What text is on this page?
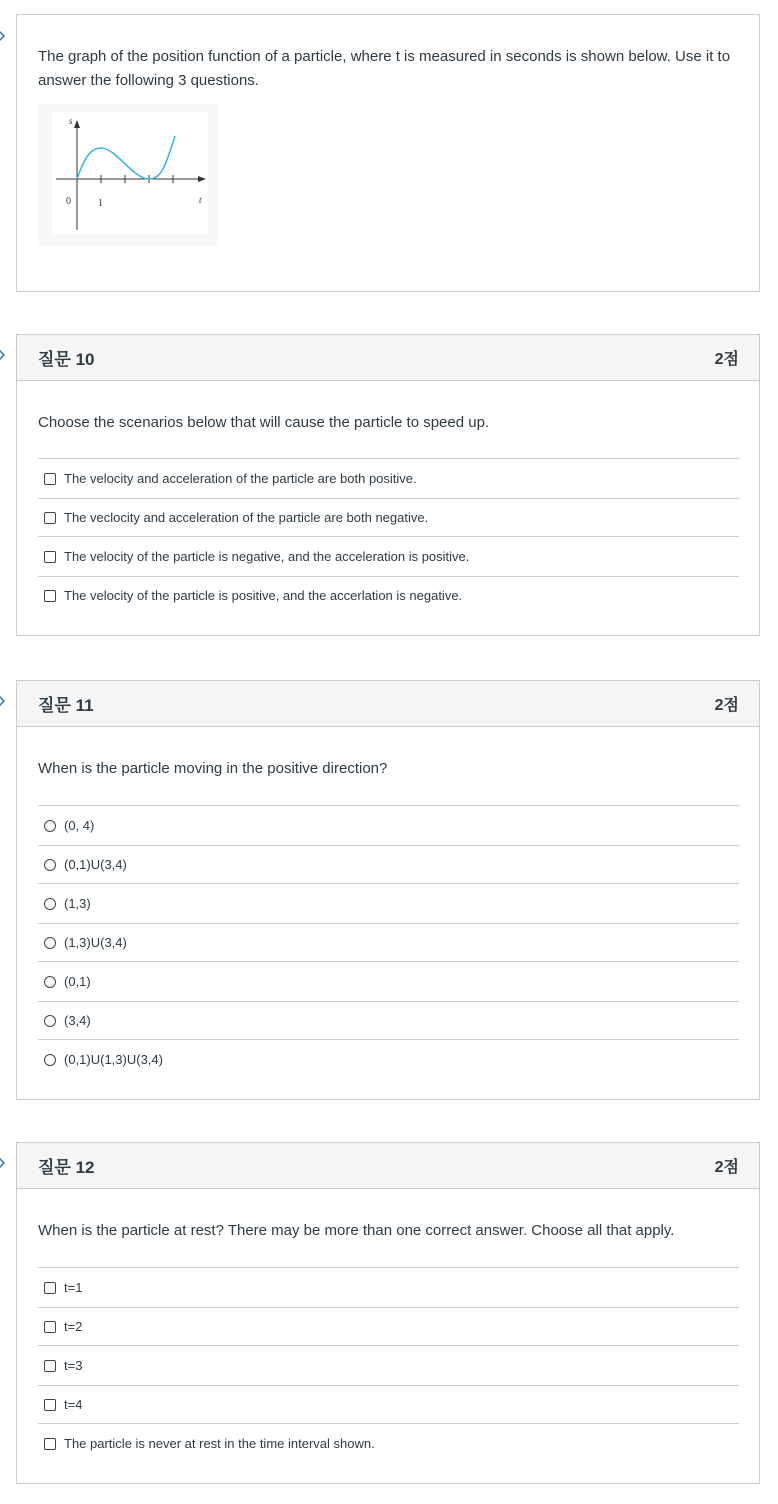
The graph of the position function of a particle, where t is measured in seconds is shown below. Use it to answer the following 3 questions.
s
t
0	1
질문 10	2점
Choose the scenarios below that will cause the particle to speed up.
The velocity and acceleration of the particle are both positive.
The veclocity and acceleration of the particle are both negative.
The velocity of the particle is negative, and the acceleration is positive.
The velocity of the particle is positive, and the accerlation is negative.
질문 11	2점
When is the particle moving in the positive direction?
(0, 4)
(0,1)U(3,4)
(1,3)
(1,3)U(3,4)
(0,1)
(3,4)
(0,1)U(1,3)U(3,4)
질문 12	2점
When is the particle at rest? There may be more than one correct answer. Choose all that apply.
t=1
t=2
t=3
t=4
The particle is never at rest in the time interval shown.
